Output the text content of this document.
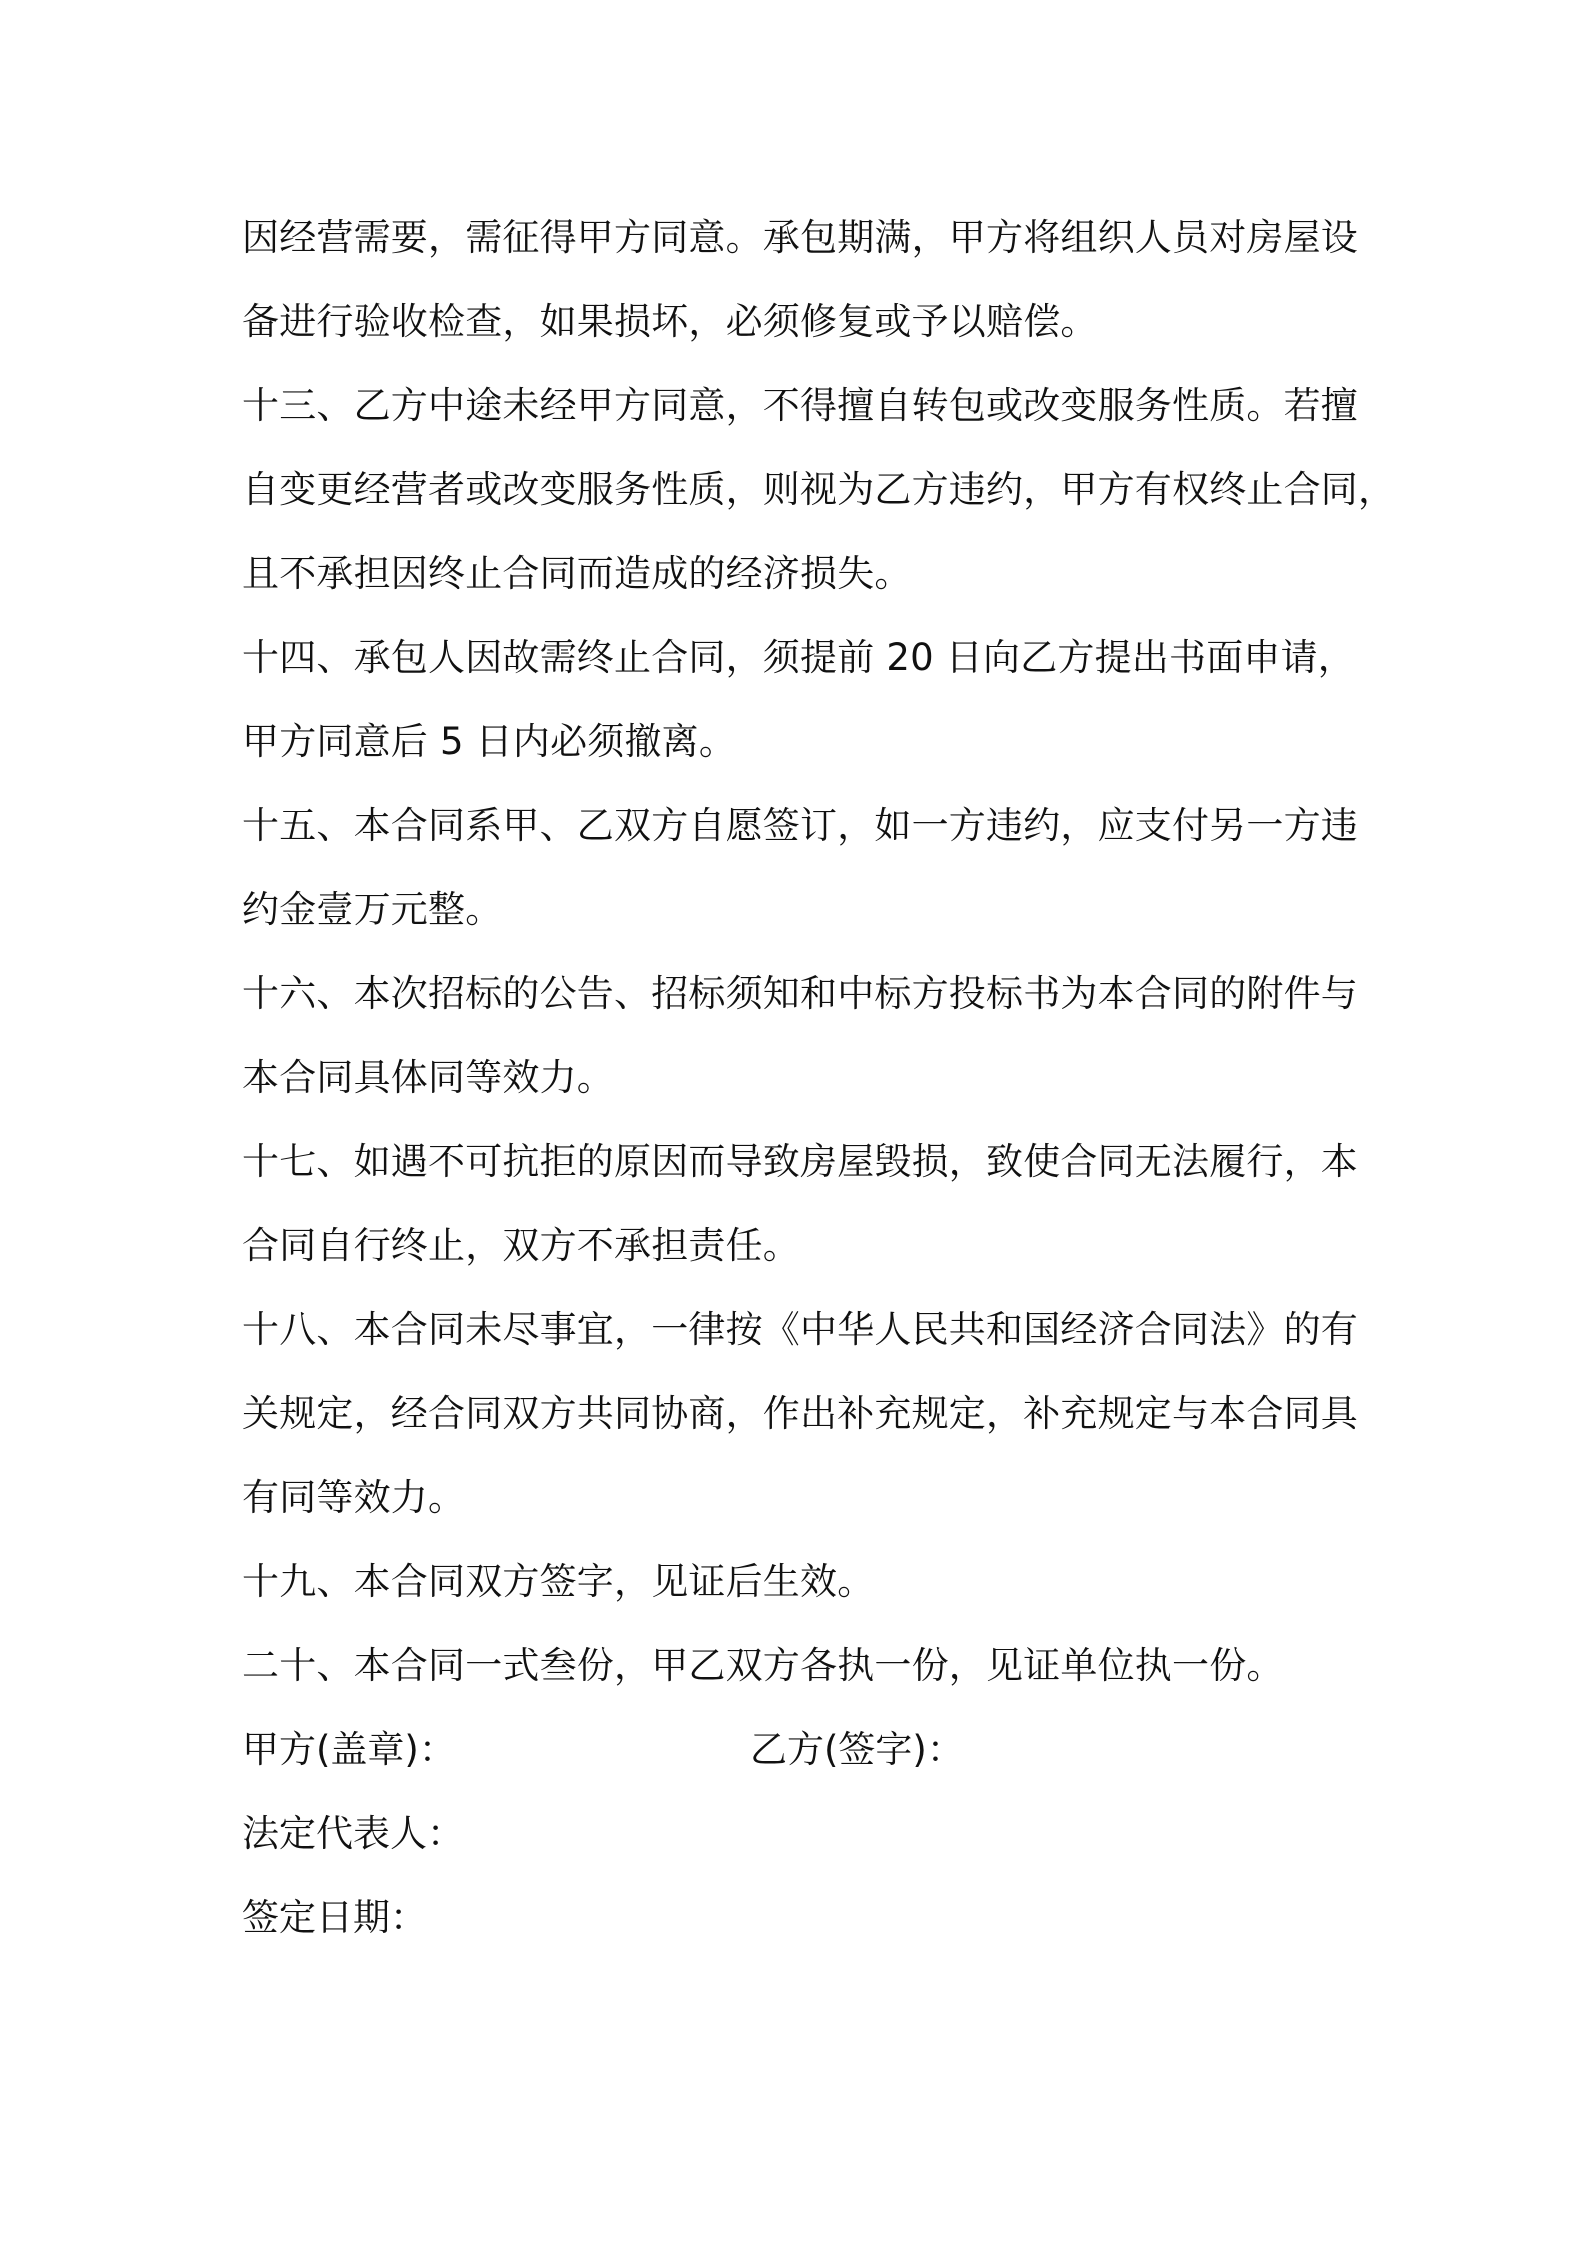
因经营需要，需征得甲方同意。承包期满，甲方将组织人员对房屋设
备进行验收检查，如果损坏，必须修复或予以赔偿。
十三、乙方中途未经甲方同意，不得擅自转包或改变服务性质。若擅
自变更经营者或改变服务性质，则视为乙方违约，甲方有权终止合同，
且不承担因终止合同而造成的经济损失。
十四、承包人因故需终止合同，须提前 20 日向乙方提出书面申请，
甲方同意后 5 日内必须撤离。
十五、本合同系甲、乙双方自愿签订，如一方违约，应支付另一方违
约金壹万元整。
十六、本次招标的公告、招标须知和中标方投标书为本合同的附件与
本合同具体同等效力。
十七、如遇不可抗拒的原因而导致房屋毁损，致使合同无法履行，本
合同自行终止，双方不承担责任。
十八、本合同未尽事宜，一律按《中华人民共和国经济合同法》的有
关规定，经合同双方共同协商，作出补充规定，补充规定与本合同具
有同等效力。
十九、本合同双方签字，见证后生效。
二十、本合同一式叁份，甲乙双方各执一份，见证单位执一份。
甲方(盖章)：	乙方(签字)：
法定代表人：
签定日期：
